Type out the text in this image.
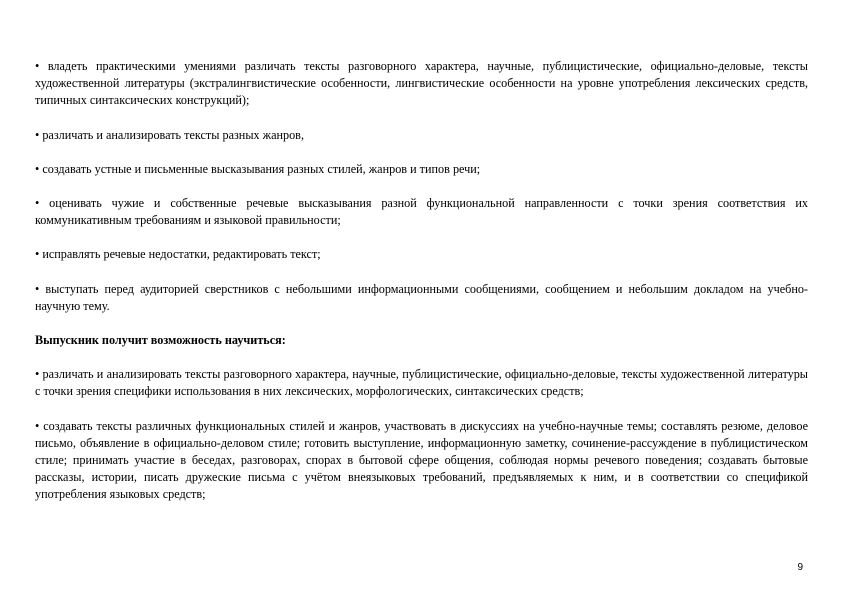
• владеть практическими умениями различать тексты разговорного характера, научные, публицистические, официально-деловые, тексты художественной литературы (экстралингвистические особенности, лингвистические особенности на уровне употребления лексических средств, типичных синтаксических конструкций);

• различать и анализировать тексты разных жанров,

• создавать устные и письменные высказывания разных стилей, жанров и типов речи;

• оценивать чужие и собственные речевые высказывания разной функциональной направленности с точки зрения соответствия их коммуникативным требованиям и языковой правильности;

• исправлять речевые недостатки, редактировать текст;

• выступать перед аудиторией сверстников с небольшими информационными сообщениями, сообщением и небольшим докладом на учебно-научную тему.

Выпускник получит возможность научиться:

• различать и анализировать тексты разговорного характера, научные, публицистические, официально-деловые, тексты художественной литературы с точки зрения специфики использования в них лексических, морфологических, синтаксических средств;

• создавать тексты различных функциональных стилей и жанров, участвовать в дискуссиях на учебно-научные темы; составлять резюме, деловое письмо, объявление в официально-деловом стиле; готовить выступление, информационную заметку, сочинение-рассуждение в публицистическом стиле; принимать участие в беседах, разговорах, спорах в бытовой сфере общения, соблюдая нормы речевого поведения; создавать бытовые рассказы, истории, писать дружеские письма с учётом внеязыковых требований, предъявляемых к ним, и в соответствии со спецификой употребления языковых средств;

9
